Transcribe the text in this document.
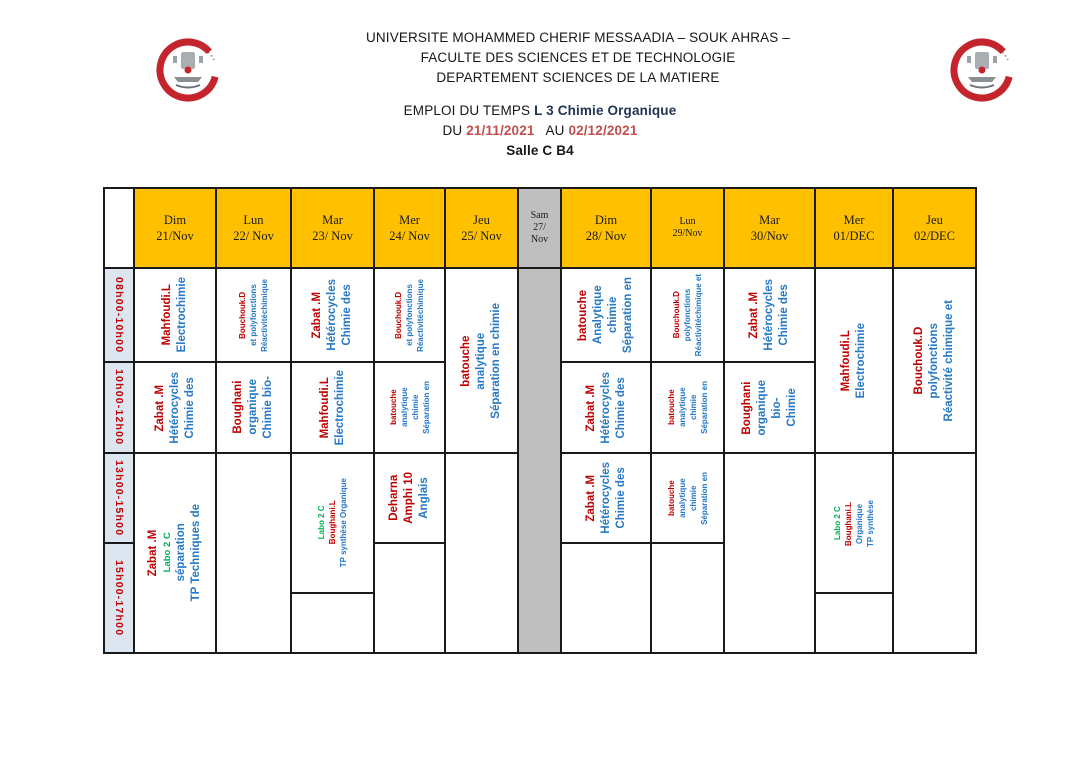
UNIVERSITE MOHAMMED CHERIF MESSAADIA – SOUK AHRAS –
FACULTE DES SCIENCES ET DE TECHNOLOGIE
DEPARTEMENT SCIENCES DE LA MATIERE
EMPLOI DU TEMPS L 3 Chimie Organique
DU 21/11/2021   AU 02/12/2021
Salle C B4
08h00-10h00
10h00-12h00
13h00-15h00
15h00-17h00
Dim
21/Nov
Electrochimie
Mahfoudi.L
Chimie des
Hétérocycles
Zabat .M
TP Techniques de
séparation
Labo 2 C
Zabat .M
Lun
22/ Nov
Réactivitéchimique
et polyfonctions
Bouchouk.D
Chimie bio-
organique
Boughani
Mar
23/ Nov
Chimie des
Hétérocycles
Zabat .M
Electrochimie
Mahfoudi.L
TP synthèse Organique
Boughani.L
Labo 2 C
Mer
24/ Nov
Réactivitéchimique
et polyfonctions
Bouchouk.D
Séparation en
chimie
analytique
batouche
Anglais
Amphi 10
Deharna
Jeu
25/ Nov
Séparation en chimie
analytique
batouche
Sam
27/
Nov
Dim
28/ Nov
Séparation en
chimie
Analytique
batouche
Chimie des
Hétérocycles
Zabat .M
Chimie des
Hétérocycles
Zabat .M
Lun
29/Nov
Réactivitéchimique et
polyfonctions
Bouchouk.D
Séparation en
chimie
analytique
batouche
Séparation en
chimie
analytique
batouche
Mar
30/Nov
Chimie des
Hétérocycles
Zabat .M
Chimie
bio-
organique
Boughani
Mer
01/DEC
Electrochimie
Mahfoudi.L
TP synthèse
Organique
Boughani.L
Labo 2 C
Jeu
02/DEC
Réactivité chimique et
polyfonctions
Bouchouk.D
